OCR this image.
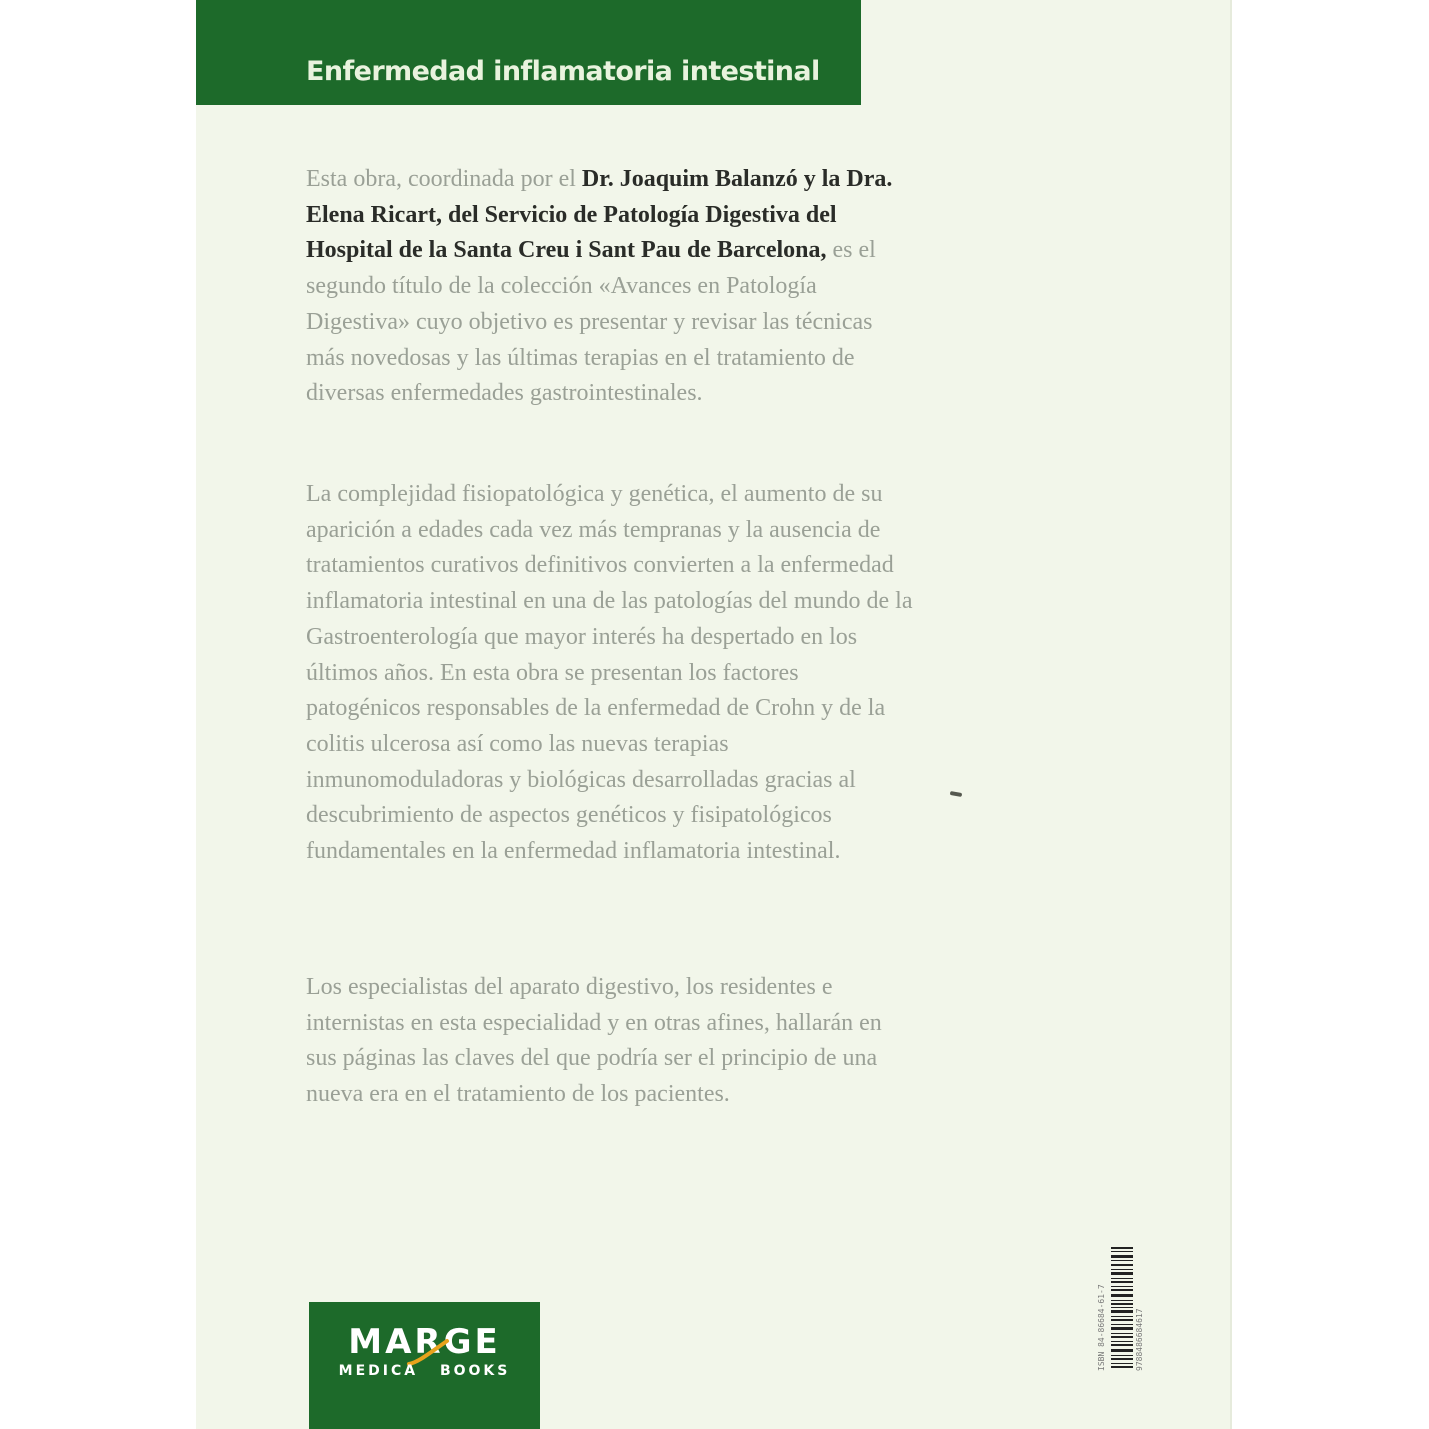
Enfermedad inflamatoria intestinal

Esta obra, coordinada por el Dr. Joaquim Balanzó y la Dra. Elena Ricart, del Servicio de Patología Digestiva del Hospital de la Santa Creu i Sant Pau de Barcelona, es el segundo título de la colección «Avances en Patología Digestiva» cuyo objetivo es presentar y revisar las técnicas más novedosas y las últimas terapias en el tratamiento de diversas enfermedades gastrointestinales.

La complejidad fisiopatológica y genética, el aumento de su aparición a edades cada vez más tempranas y la ausencia de tratamientos curativos definitivos convierten a la enfermedad inflamatoria intestinal en una de las patologías del mundo de la Gastroenterología que mayor interés ha despertado en los últimos años. En esta obra se presentan los factores patogénicos responsables de la enfermedad de Crohn y de la colitis ulcerosa así como las nuevas terapias inmunomoduladoras y biológicas desarrolladas gracias al descubrimiento de aspectos genéticos y fisipatológicos fundamentales en la enfermedad inflamatoria intestinal.

Los especialistas del aparato digestivo, los residentes e internistas en esta especialidad y en otras afines, hallarán en sus páginas las claves del que podría ser el principio de una nueva era en el tratamiento de los pacientes.

ISBN 84-86684-61-7	9788486684617
MARGE
MEDICA BOOKS
